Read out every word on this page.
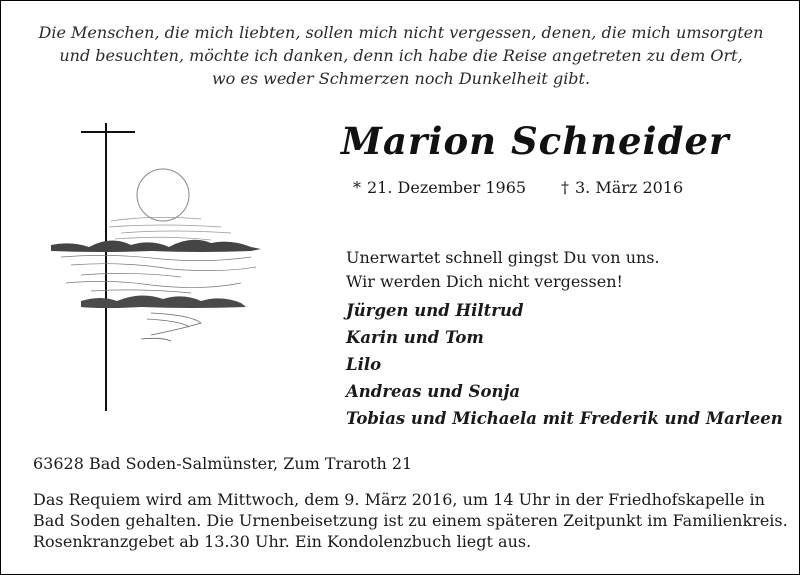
Die Menschen, die mich liebten, sollen mich nicht vergessen, denen, die mich umsorgten
und besuchten, möchte ich danken, denn ich habe die Reise angetreten zu dem Ort,
wo es weder Schmerzen noch Dunkelheit gibt.
Marion Schneider
* 21. Dezember 1965 † 3. März 2016
Unerwartet schnell gingst Du von uns.
Wir werden Dich nicht vergessen!
Jürgen und Hiltrud
Karin und Tom
Lilo
Andreas und Sonja
Tobias und Michaela mit Frederik und Marleen
63628 Bad Soden-Salmünster, Zum Traroth 21
Das Requiem wird am Mittwoch, dem 9. März 2016, um 14 Uhr in der Friedhofskapelle in
Bad Soden gehalten. Die Urnenbeisetzung ist zu einem späteren Zeitpunkt im Familienkreis.
Rosenkranzgebet ab 13.30 Uhr. Ein Kondolenzbuch liegt aus.
